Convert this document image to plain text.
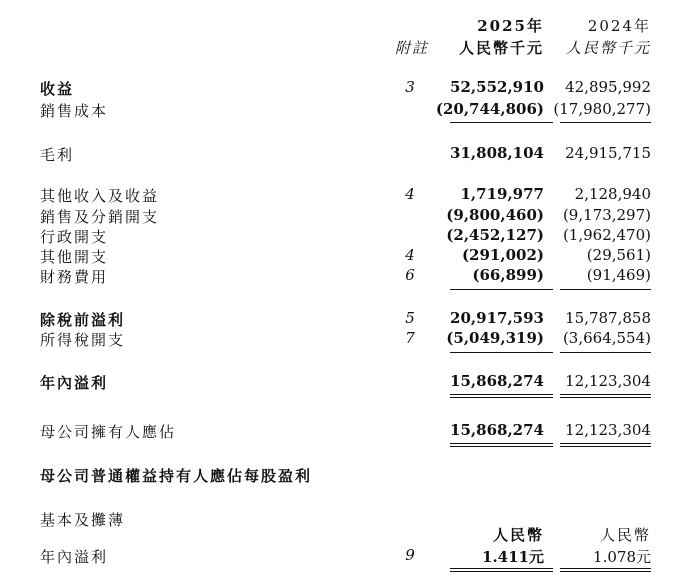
2025年	2024年
附註 人民幣千元 人民幣千元
收益	3	52,552,910 42,895,992
銷售成本	(20,744,806) (17,980,277)
毛利	31,808,104 24,915,715
其他收入及收益	4	1,719,977 2,128,940
銷售及分銷開支	(9,800,460) (9,173,297)
行政開支	(2,452,127) (1,962,470)
其他開支	4	(291,002)	(29,561)
財務費用	6	(66,899)	(91,469)
除稅前溢利	5	20,917,593 15,787,858
所得稅開支	7	(5,049,319) (3,664,554)
年內溢利	15,868,274 12,123,304
母公司擁有人應佔	15,868,274 12,123,304
母公司普通權益持有人應佔每股盈利
基本及攤薄
人民幣	人民幣
年內溢利	9	1.411元	1.078元
